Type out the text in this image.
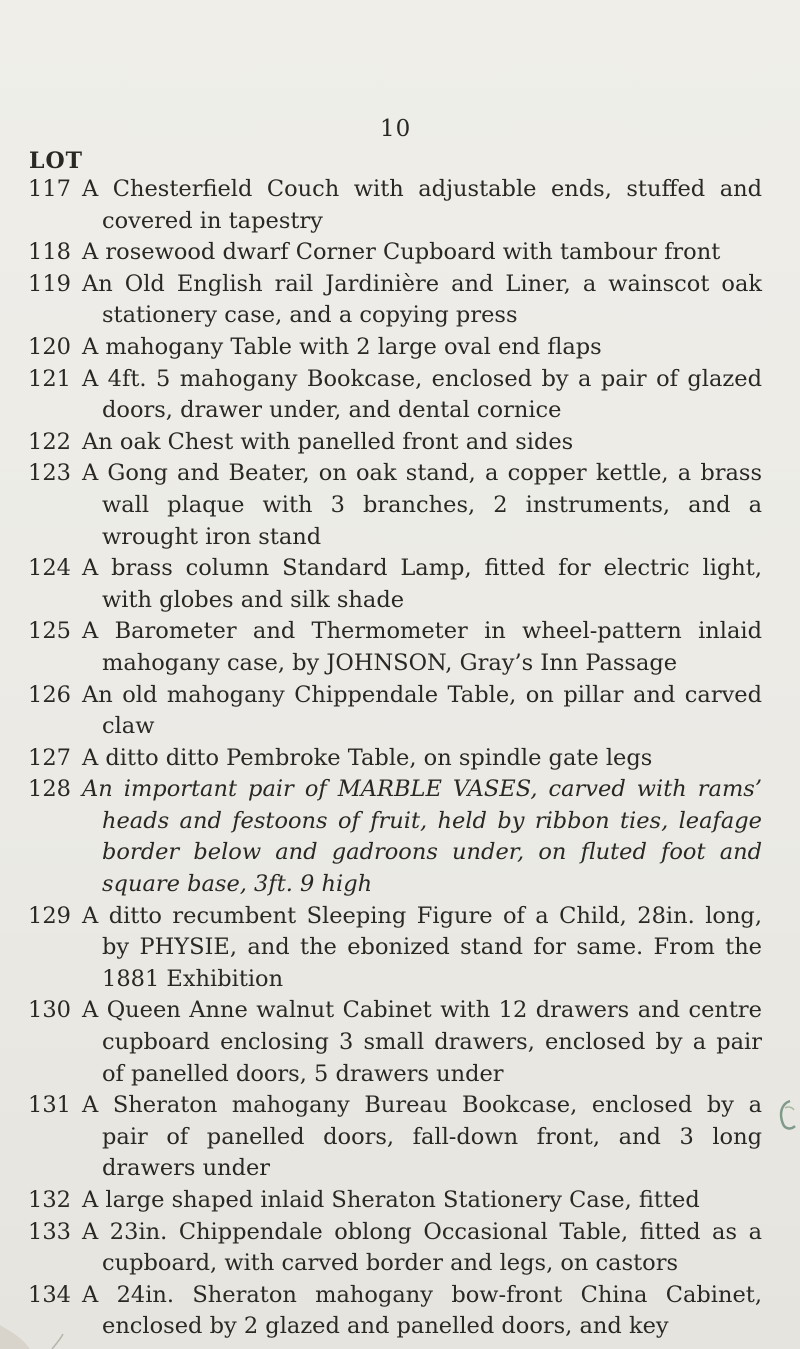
10
LOT
117 A Chesterfield Couch with adjustable ends, stuffed and covered in tapestry
118 A rosewood dwarf Corner Cupboard with tambour front
119 An Old English rail Jardinière and Liner, a wainscot oak stationery case, and a copying press
120 A mahogany Table with 2 large oval end flaps
121 A 4ft. 5 mahogany Bookcase, enclosed by a pair of glazed doors, drawer under, and dental cornice
122 An oak Chest with panelled front and sides
123 A Gong and Beater, on oak stand, a copper kettle, a brass wall plaque with 3 branches, 2 instruments, and a wrought iron stand
124 A brass column Standard Lamp, fitted for electric light, with globes and silk shade
125 A Barometer and Thermometer in wheel-pattern inlaid mahogany case, by JOHNSON, Gray’s Inn Passage
126 An old mahogany Chippendale Table, on pillar and carved claw
127 A ditto ditto Pembroke Table, on spindle gate legs
128 An important pair of MARBLE VASES, carved with rams’ heads and festoons of fruit, held by ribbon ties, leafage border below and gadroons under, on fluted foot and square base, 3ft. 9 high
129 A ditto recumbent Sleeping Figure of a Child, 28in. long, by PHYSIE, and the ebonized stand for same. From the 1881 Exhibition
130 A Queen Anne walnut Cabinet with 12 drawers and centre cupboard enclosing 3 small drawers, enclosed by a pair of panelled doors, 5 drawers under
131 A Sheraton mahogany Bureau Bookcase, enclosed by a pair of panelled doors, fall-down front, and 3 long drawers under
132 A large shaped inlaid Sheraton Stationery Case, fitted
133 A 23in. Chippendale oblong Occasional Table, fitted as a cupboard, with carved border and legs, on castors
134 A 24in. Sheraton mahogany bow-front China Cabinet, enclosed by 2 glazed and panelled doors, and key
